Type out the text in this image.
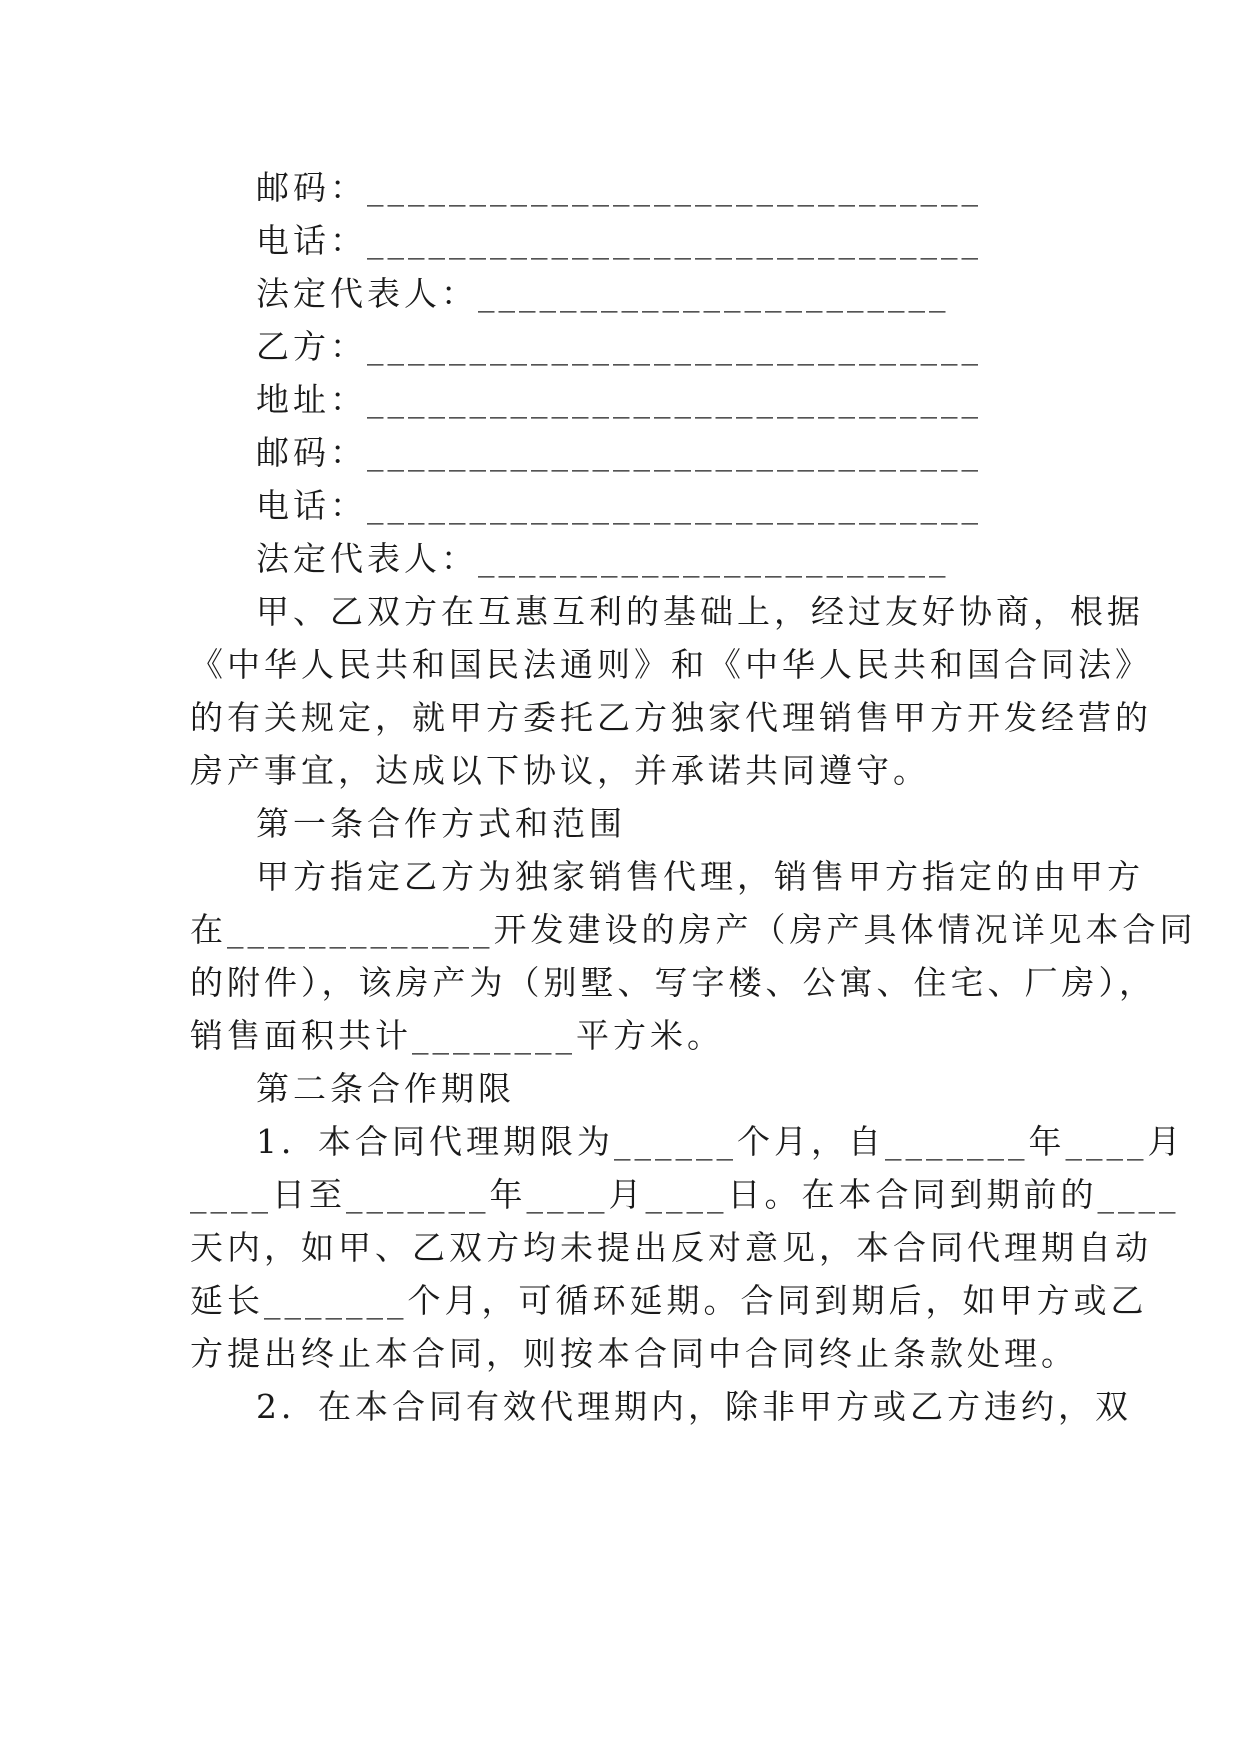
邮码：______________________________
电话：______________________________
法定代表人：_______________________
乙方：______________________________
地址：______________________________
邮码：______________________________
电话：______________________________
法定代表人：_______________________
甲、乙双方在互惠互利的基础上，经过友好协商，根据
《中华人民共和国民法通则》和《中华人民共和国合同法》
的有关规定，就甲方委托乙方独家代理销售甲方开发经营的
房产事宜，达成以下协议，并承诺共同遵守。
第一条合作方式和范围
甲方指定乙方为独家销售代理，销售甲方指定的由甲方
在_____________开发建设的房产（房产具体情况详见本合同
的附件），该房产为（别墅、写字楼、公寓、住宅、厂房），
销售面积共计________平方米。
第二条合作期限
1．本合同代理期限为______个月，自_______年____月
____日至_______年____月____日。在本合同到期前的____
天内，如甲、乙双方均未提出反对意见，本合同代理期自动
延长_______个月，可循环延期。合同到期后，如甲方或乙
方提出终止本合同，则按本合同中合同终止条款处理。
2．在本合同有效代理期内，除非甲方或乙方违约，双
